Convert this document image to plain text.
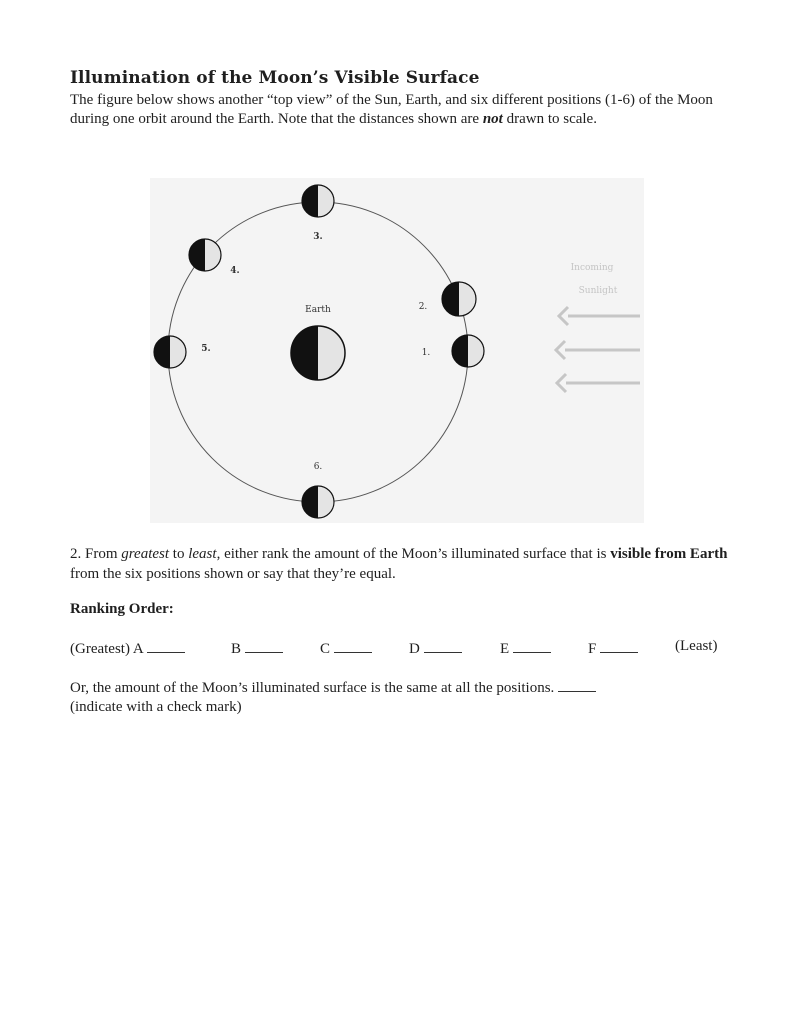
Illumination of the Moon’s Visible Surface

The figure below shows another “top view” of the Sun, Earth, and six different positions (1-6) of the Moon during one orbit around the Earth. Note that the distances shown are not drawn to scale.

Earth
1.
2.
3.
4.
5.
6.
Incoming
Sunlight

2. From greatest to least, either rank the amount of the Moon’s illuminated surface that is visible from Earth from the six positions shown or say that they’re equal.

Ranking Order:

(Greatest) A	B	C	D	E	F	(Least)

Or, the amount of the Moon’s illuminated surface is the same at all the positions.
(indicate with a check mark)
